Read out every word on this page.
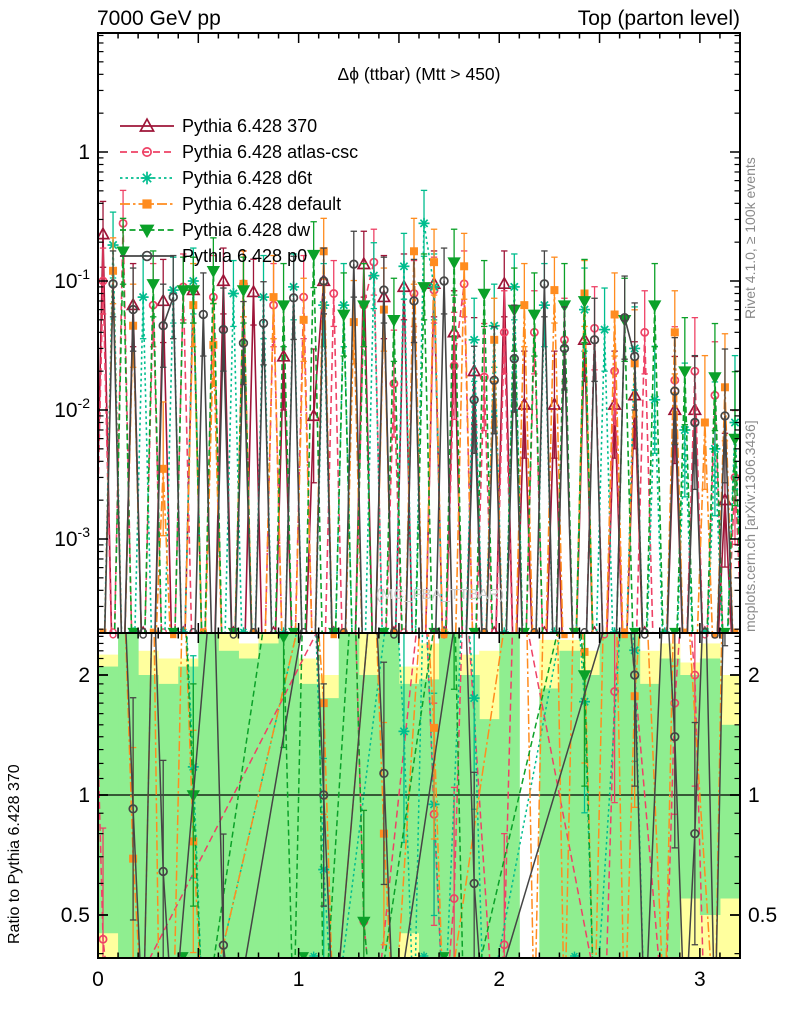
1
$10^{-1}$
$10^{-2}$
$10^{-3}$
2	2
1	1
0.5	0.5
0	1	2	3
7000 GeV pp	Top (parton level)
Δϕ (ttbar) (Mtt > 450)
(MC_FBA_TTBAR)
Rivet 4.1.0, ≥ 100k events
mcplots.cern.ch [arXiv:1306.3436]
Ratio to Pythia 6.428 370
Pythia 6.428 370
Pythia 6.428 atlas-csc
Pythia 6.428 d6t
Pythia 6.428 default
Pythia 6.428 dw
Pythia 6.428 p0
